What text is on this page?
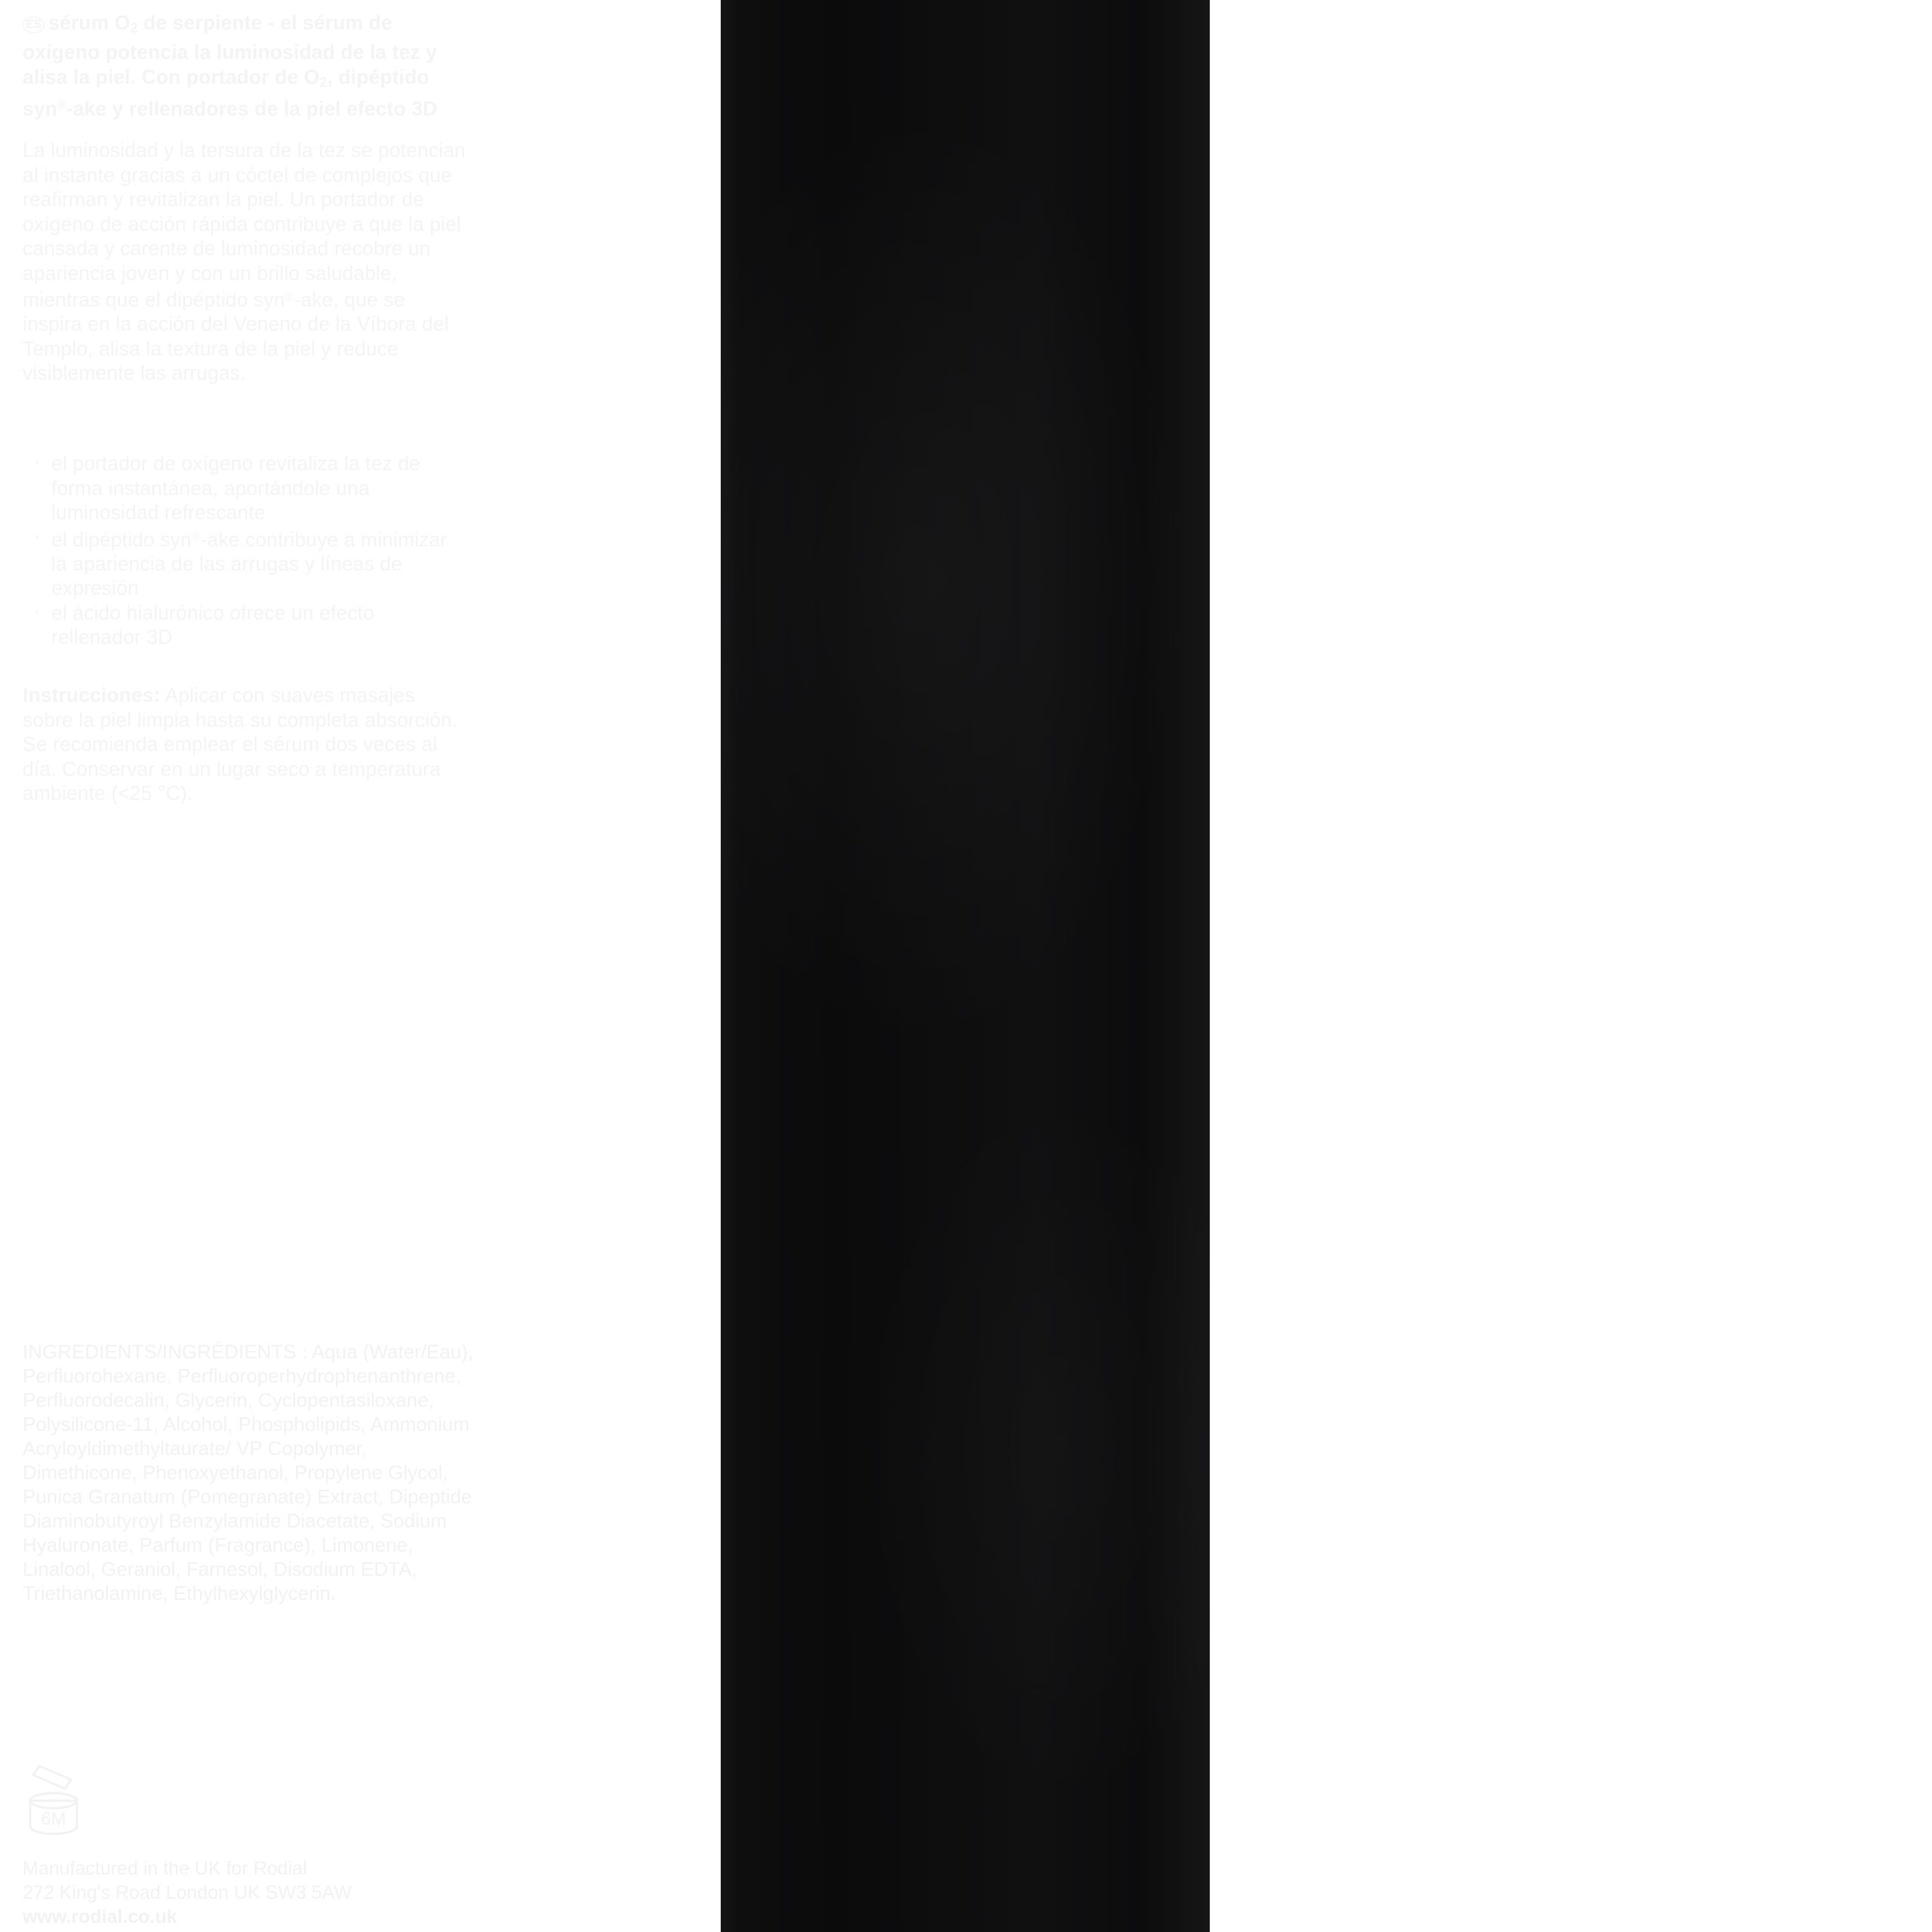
ES sérum $O_2$ de serpiente - el sérum de oxígeno potencia la luminosidad de la tez y alisa la piel. Con portador de $O_2$, dipéptido syn®-ake y rellenadores de la piel efecto 3D
La luminosidad y la tersura de la tez se potencian al instante gracias a un cóctel de complejos que reafirman y revitalizan la piel. Un portador de oxígeno de acción rápida contribuye a que la piel cansada y carente de luminosidad recobre un apariencia joven y con un brillo saludable, mientras que el dipéptido syn®-ake, que se inspira en la acción del Veneno de la Víbora del Templo, alisa la textura de la piel y reduce visiblemente las arrugas.
· el portador de oxígeno revitaliza la tez de forma instantánea, aportándole una luminosidad refrescante
· el dipéptido syn®-ake contribuye a minimizar la apariencia de las arrugas y líneas de expresión
· el ácido hialurónico ofrece un efecto rellenador 3D
Instrucciones: Aplicar con suaves masajes sobre la piel limpia hasta su completa absorción. Se recomienda emplear el sérum dos veces al día. Conservar en un lugar seco a temperatura ambiente (<25 °C).
INGREDIENTS/INGRÉDIENTS : Aqua (Water/Eau), Perfluorohexane, Perfluoroperhydrophenanthrene, Perfluorodecalin, Glycerin, Cyclopentasiloxane, Polysilicone-11, Alcohol, Phospholipids, Ammonium Acryloyldimethyltaurate/ VP Copolymer, Dimethicone, Phenoxyethanol, Propylene Glycol, Punica Granatum (Pomegranate) Extract, Dipeptide Diaminobutyroyl Benzylamide Diacetate, Sodium Hyaluronate, Parfum (Fragrance), Limonene, Linalool, Geraniol, Farnesol, Disodium EDTA, Triethanolamine, Ethylhexylglycerin.
6M
Manufactured in the UK for Rodial
272 King's Road London UK SW3 5AW
www.rodial.co.uk
